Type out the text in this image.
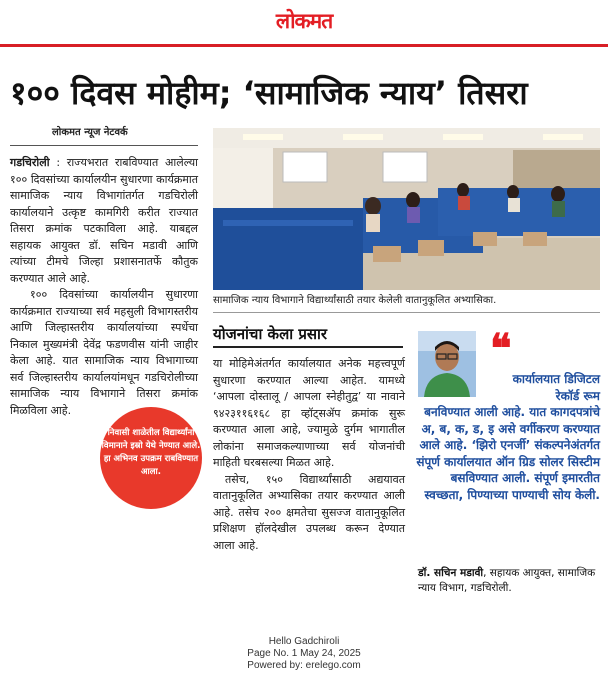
लोकमत
१०० दिवस मोहीम; ‘सामाजिक न्याय’ तिसरा
लोकमत न्यूज नेटवर्क

गडचिरोली : राज्यभरात राबविण्यात आलेल्या १०० दिवसांच्या कार्यालयीन सुधारणा कार्यक्रमात सामाजिक न्याय विभागांतर्गत गडचिरोली कार्यालयाने उत्कृष्ट कामगिरी करीत राज्यात तिसरा क्रमांक पटकाविला आहे. याबद्दल सहायक आयुक्त डॉ. सचिन मडावी आणि त्यांच्या टीमचे जिल्हा प्रशासनातर्फे कौतुक करण्यात आले आहे.

१०० दिवसांच्या कार्यालयीन सुधारणा कार्यक्रमात राज्याच्या सर्व महसुली विभागस्तरीय आणि जिल्हास्तरीय कार्यालयांच्या स्पर्धेचा निकाल मुख्यमंत्री देवेंद्र फडणवीस यांनी जाहीर केला आहे. यात सामाजिक न्याय विभागाच्या सर्व जिल्हास्तरीय कार्यालयांमधून गडचिरोलीच्या सामाजिक न्याय विभागाने तिसरा क्रमांक मिळविला आहे.

सामाजिक न्याय विभागाने विद्यार्थ्यांसाठी तयार केलेली वातानुकूलित अभ्यासिका.
योजनांचा केला प्रसार

या मोहिमेअंतर्गत कार्यालयात अनेक महत्त्वपूर्ण सुधारणा करण्यात आल्या आहेत. यामध्ये ‘आपला दोस्तालू / आपला स्नेहीतुद्व’ या नावाने ९४२३११६१६८ हा व्हॉट्सॲप क्रमांक सुरू करण्यात आला आहे, ज्यामुळे दुर्गम भागातील लोकांना समाजकल्याणाच्या सर्व योजनांची माहिती घरबसल्या मिळत आहे.

तसेच, १५० विद्यार्थ्यांसाठी अद्ययावत वातानुकूलित अभ्यासिका तयार करण्यात आली आहे. तसेच २०० क्षमतेचा सुसज्ज वातानुकूलित प्रशिक्षण हॉलदेखील उपलब्ध करून देण्यात आला आहे.

निवासी शाळेतील विद्यार्थ्यांना विमानाने इस्रो येथे नेण्यात आले. हा अभिनव उपक्रम राबविण्यात आला.
❝
कार्यालयात डिजिटल रेकॉर्ड रूम
बनविण्यात आली आहे. यात कागदपत्रांचे अ, ब, क, ड, इ असे वर्गीकरण करण्यात आले आहे. ‘झिरो एनर्जी’ संकल्पनेअंतर्गत संपूर्ण कार्यालयात ऑन ग्रिड सोलर सिस्टीम बसविण्यात आली. संपूर्ण इमारतीत स्वच्छता, पिण्याच्या पाण्याची सोय केली.
डॉ. सचिन मडावी, सहायक आयुक्त, सामाजिक न्याय विभाग, गडचिरोली.
Hello Gadchiroli
Page No. 1 May 24, 2025
Powered by: erelego.com
